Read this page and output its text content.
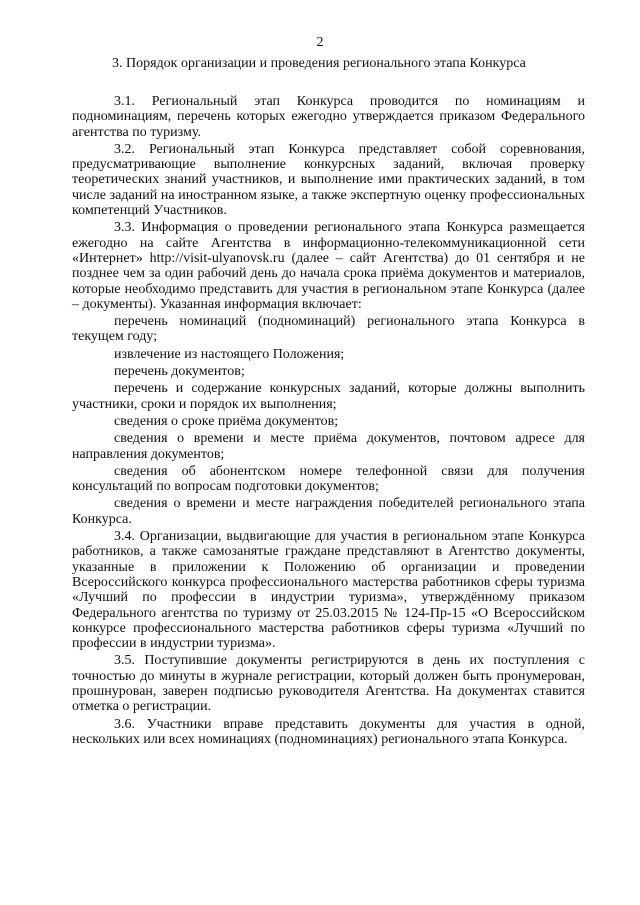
2
3. Порядок организации и проведения регионального этапа Конкурса

3.1. Региональный этап Конкурса проводится по номинациям и подноминациям, перечень которых ежегодно утверждается приказом Федерального агентства по туризму.

3.2. Региональный этап Конкурса представляет собой соревнования, предусматривающие выполнение конкурсных заданий, включая проверку теоретических знаний участников, и выполнение ими практических заданий, в том числе заданий на иностранном языке, а также экспертную оценку профессиональных компетенций Участников.

3.3. Информация о проведении регионального этапа Конкурса размещается ежегодно на сайте Агентства в информационно-телекоммуникационной сети «Интернет» http://visit-ulyanovsk.ru (далее – сайт Агентства) до 01 сентября и не позднее чем за один рабочий день до начала срока приёма документов и материалов, которые необходимо представить для участия в региональном этапе Конкурса (далее – документы). Указанная информация включает:

перечень номинаций (подноминаций) регионального этапа Конкурса в текущем году;

извлечение из настоящего Положения;

перечень документов;

перечень и содержание конкурсных заданий, которые должны выполнить участники, сроки и порядок их выполнения;

сведения о сроке приёма документов;

сведения о времени и месте приёма документов, почтовом адресе для направления документов;

сведения об абонентском номере телефонной связи для получения консультаций по вопросам подготовки документов;

сведения о времени и месте награждения победителей регионального этапа Конкурса.

3.4. Организации, выдвигающие для участия в региональном этапе Конкурса работников, а также самозанятые граждане представляют в Агентство документы, указанные в приложении к Положению об организации и проведении Всероссийского конкурса профессионального мастерства работников сферы туризма «Лучший по профессии в индустрии туризма», утверждённому приказом Федерального агентства по туризму от 25.03.2015 № 124-Пр-15 «О Всероссийском конкурсе профессионального мастерства работников сферы туризма «Лучший по профессии в индустрии туризма».

3.5. Поступившие документы регистрируются в день их поступления с точностью до минуты в журнале регистрации, который должен быть пронумерован, прошнурован, заверен подписью руководителя Агентства. На документах ставится отметка о регистрации.

3.6. Участники вправе представить документы для участия в одной, нескольких или всех номинациях (подноминациях) регионального этапа Конкурса.
